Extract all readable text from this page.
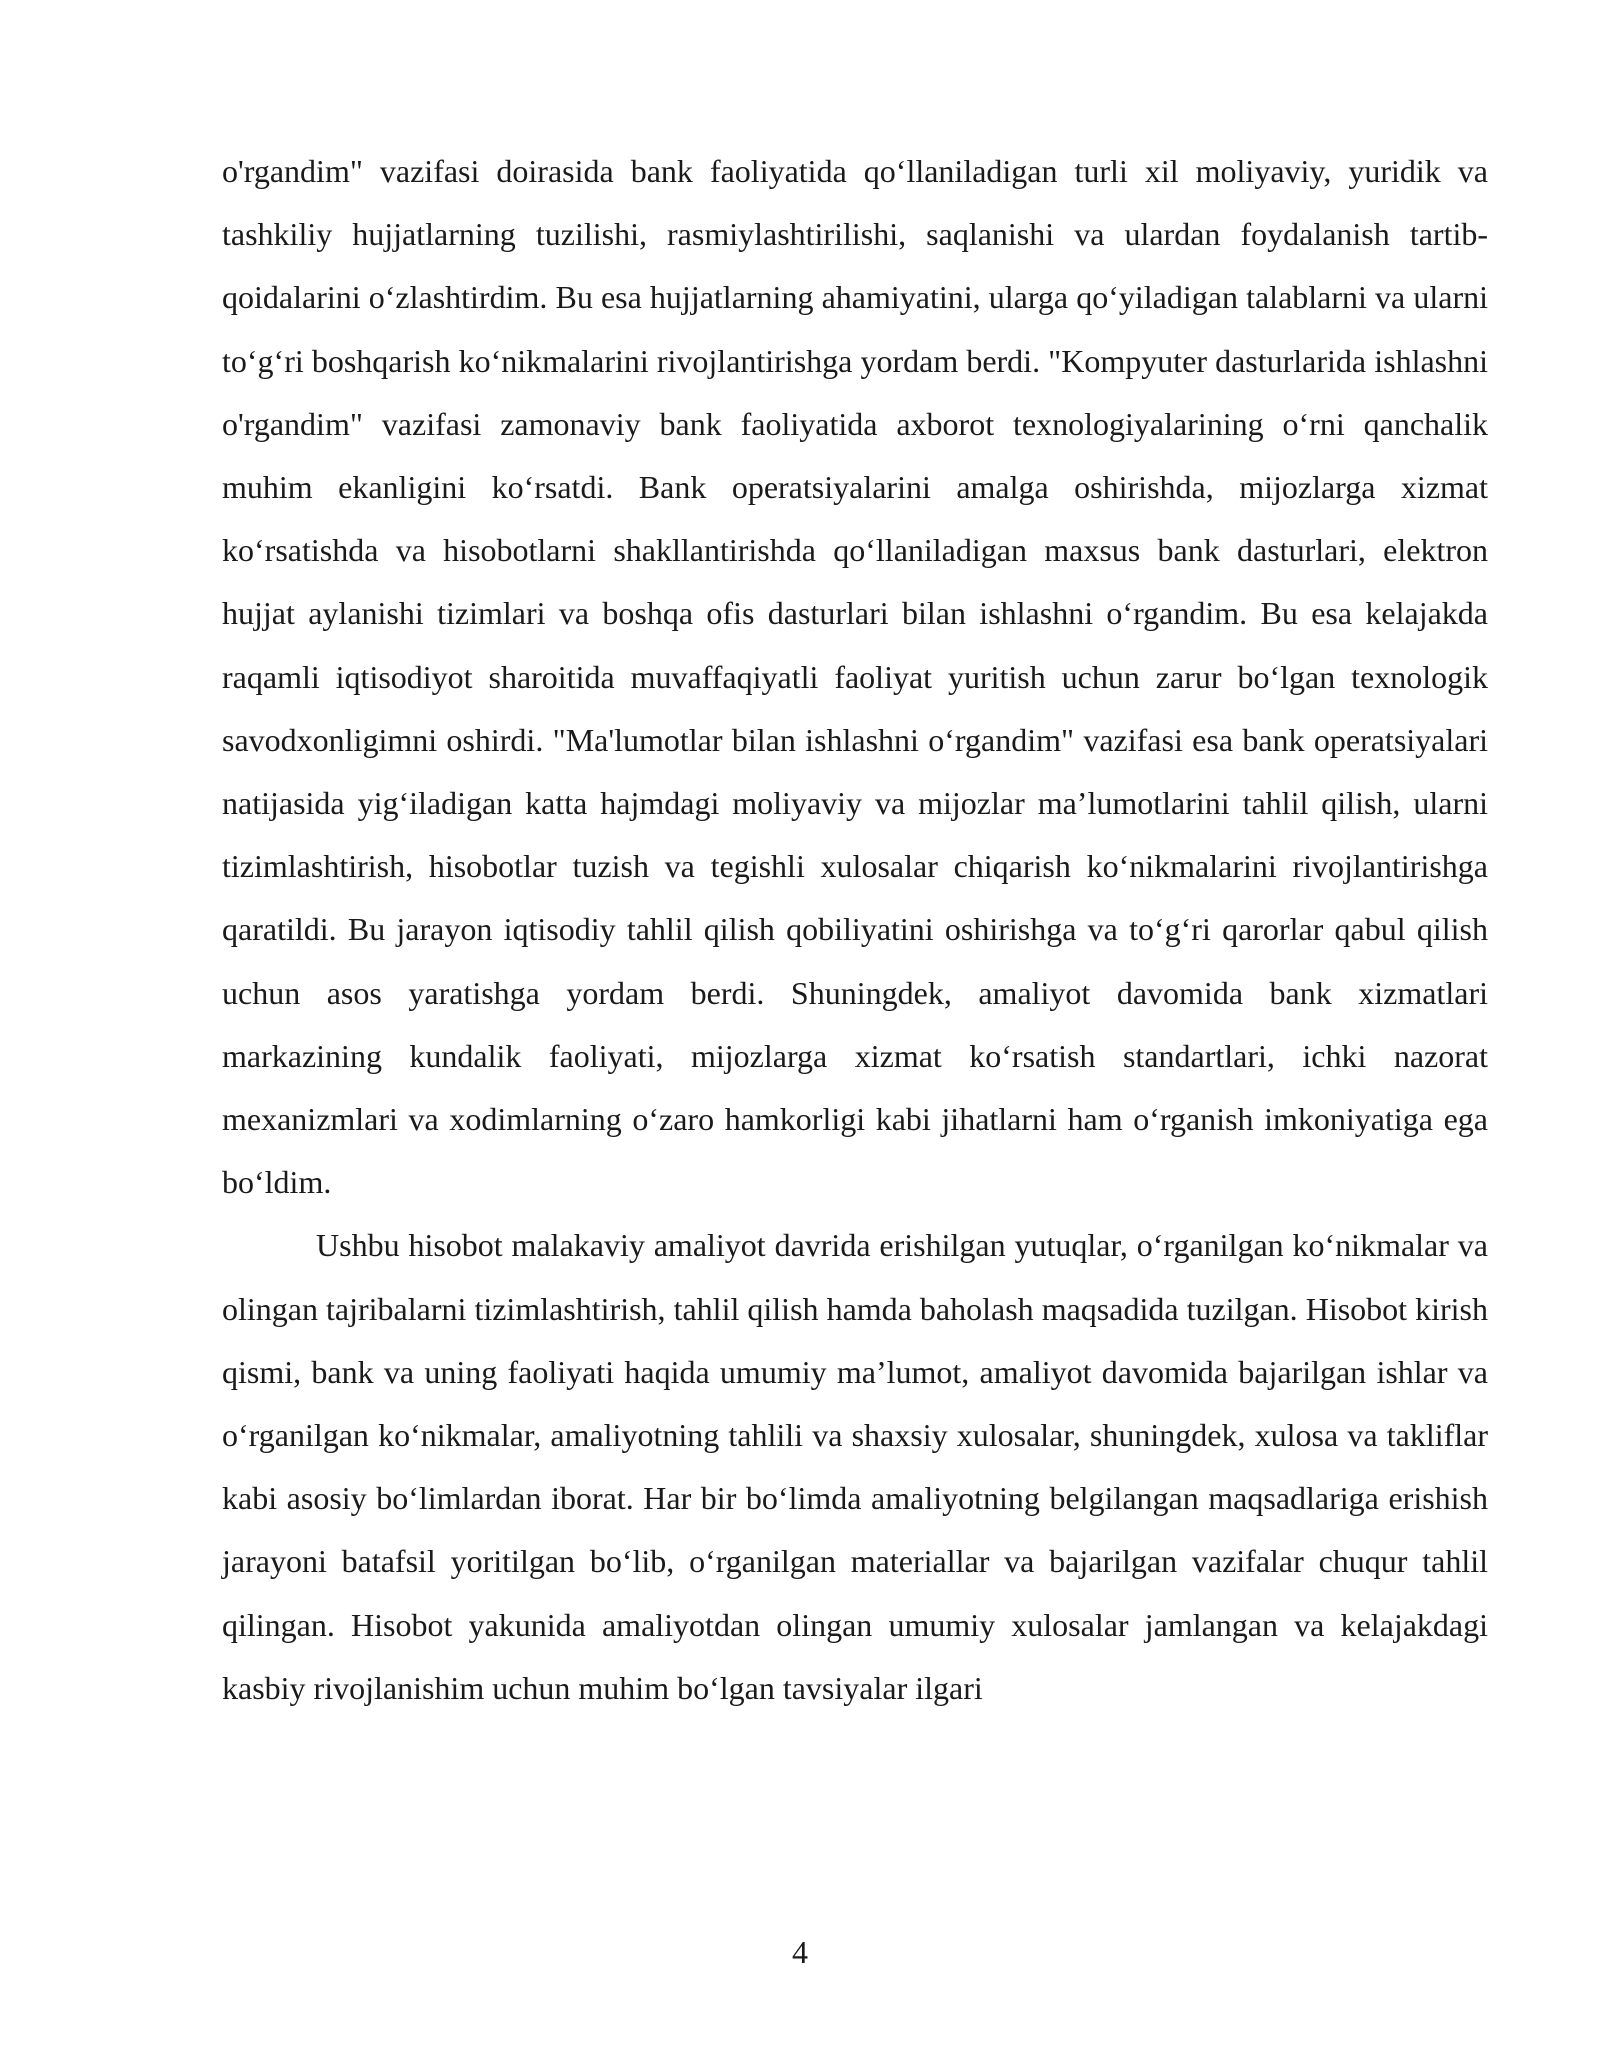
o'rgandim" vazifasi doirasida bank faoliyatida qo‘llaniladigan turli xil moliyaviy, yuridik va tashkiliy hujjatlarning tuzilishi, rasmiylashtirilishi, saqlanishi va ulardan foydalanish tartib-qoidalarini o‘zlashtirdim. Bu esa hujjatlarning ahamiyatini, ularga qo‘yiladigan talablarni va ularni to‘g‘ri boshqarish ko‘nikmalarini rivojlantirishga yordam berdi. "Kompyuter dasturlarida ishlashni o'rgandim" vazifasi zamonaviy bank faoliyatida axborot texnologiyalarining o‘rni qanchalik muhim ekanligini ko‘rsatdi. Bank operatsiyalarini amalga oshirishda, mijozlarga xizmat ko‘rsatishda va hisobotlarni shakllantirishda qo‘llaniladigan maxsus bank dasturlari, elektron hujjat aylanishi tizimlari va boshqa ofis dasturlari bilan ishlashni o‘rgandim. Bu esa kelajakda raqamli iqtisodiyot sharoitida muvaffaqiyatli faoliyat yuritish uchun zarur bo‘lgan texnologik savodxonligimni oshirdi. "Ma'lumotlar bilan ishlashni o‘rgandim" vazifasi esa bank operatsiyalari natijasida yig‘iladigan katta hajmdagi moliyaviy va mijozlar ma’lumotlarini tahlil qilish, ularni tizimlashtirish, hisobotlar tuzish va tegishli xulosalar chiqarish ko‘nikmalarini rivojlantirishga qaratildi. Bu jarayon iqtisodiy tahlil qilish qobiliyatini oshirishga va to‘g‘ri qarorlar qabul qilish uchun asos yaratishga yordam berdi. Shuningdek, amaliyot davomida bank xizmatlari markazining kundalik faoliyati, mijozlarga xizmat ko‘rsatish standartlari, ichki nazorat mexanizmlari va xodimlarning o‘zaro hamkorligi kabi jihatlarni ham o‘rganish imkoniyatiga ega bo‘ldim.

Ushbu hisobot malakaviy amaliyot davrida erishilgan yutuqlar, o‘rganilgan ko‘nikmalar va olingan tajribalarni tizimlashtirish, tahlil qilish hamda baholash maqsadida tuzilgan. Hisobot kirish qismi, bank va uning faoliyati haqida umumiy ma’lumot, amaliyot davomida bajarilgan ishlar va o‘rganilgan ko‘nikmalar, amaliyotning tahlili va shaxsiy xulosalar, shuningdek, xulosa va takliflar kabi asosiy bo‘limlardan iborat. Har bir bo‘limda amaliyotning belgilangan maqsadlariga erishish jarayoni batafsil yoritilgan bo‘lib, o‘rganilgan materiallar va bajarilgan vazifalar chuqur tahlil qilingan. Hisobot yakunida amaliyotdan olingan umumiy xulosalar jamlangan va kelajakdagi kasbiy rivojlanishim uchun muhim bo‘lgan tavsiyalar ilgari

4
